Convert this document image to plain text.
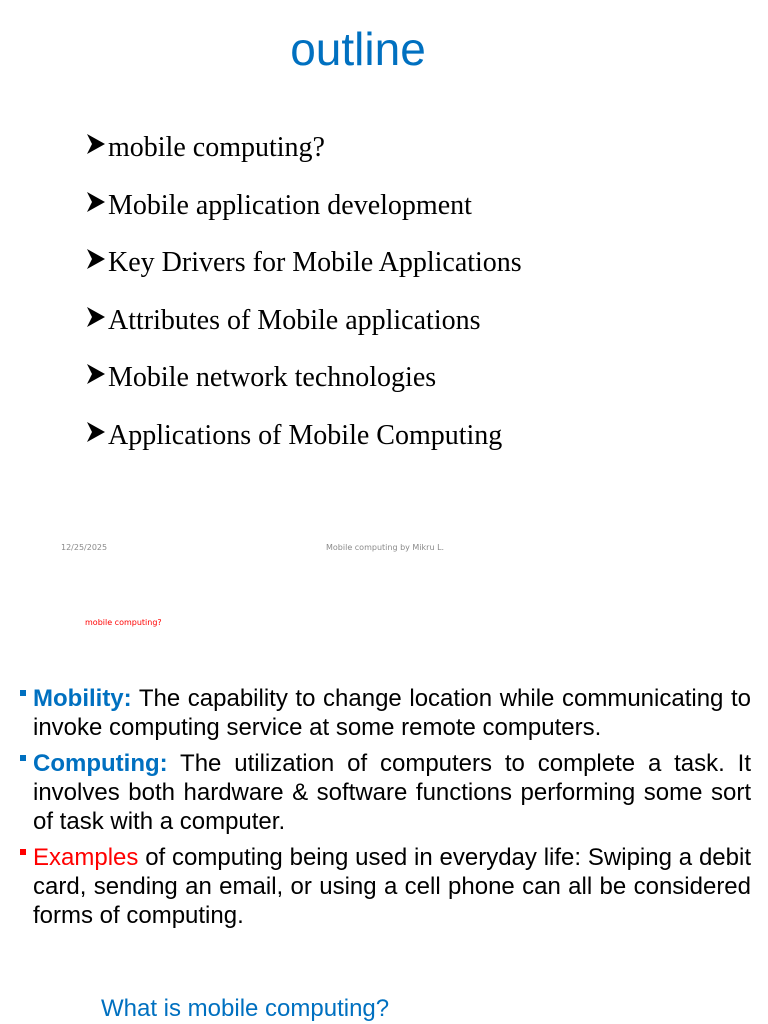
outline
mobile computing?
Mobile application development
Key Drivers for Mobile Applications
Attributes of Mobile applications
Mobile network technologies
Applications of Mobile Computing
12/25/2025	Mobile computing by Mikru L.
mobile computing?
Mobility: The capability to change location while communicating to invoke computing service at some remote computers.
Computing: The utilization of computers to complete a task. It involves both hardware & software functions performing some sort of task with a computer.
Examples of computing being used in everyday life: Swiping a debit card, sending an email, or using a cell phone can all be considered forms of computing.
What is mobile computing?
